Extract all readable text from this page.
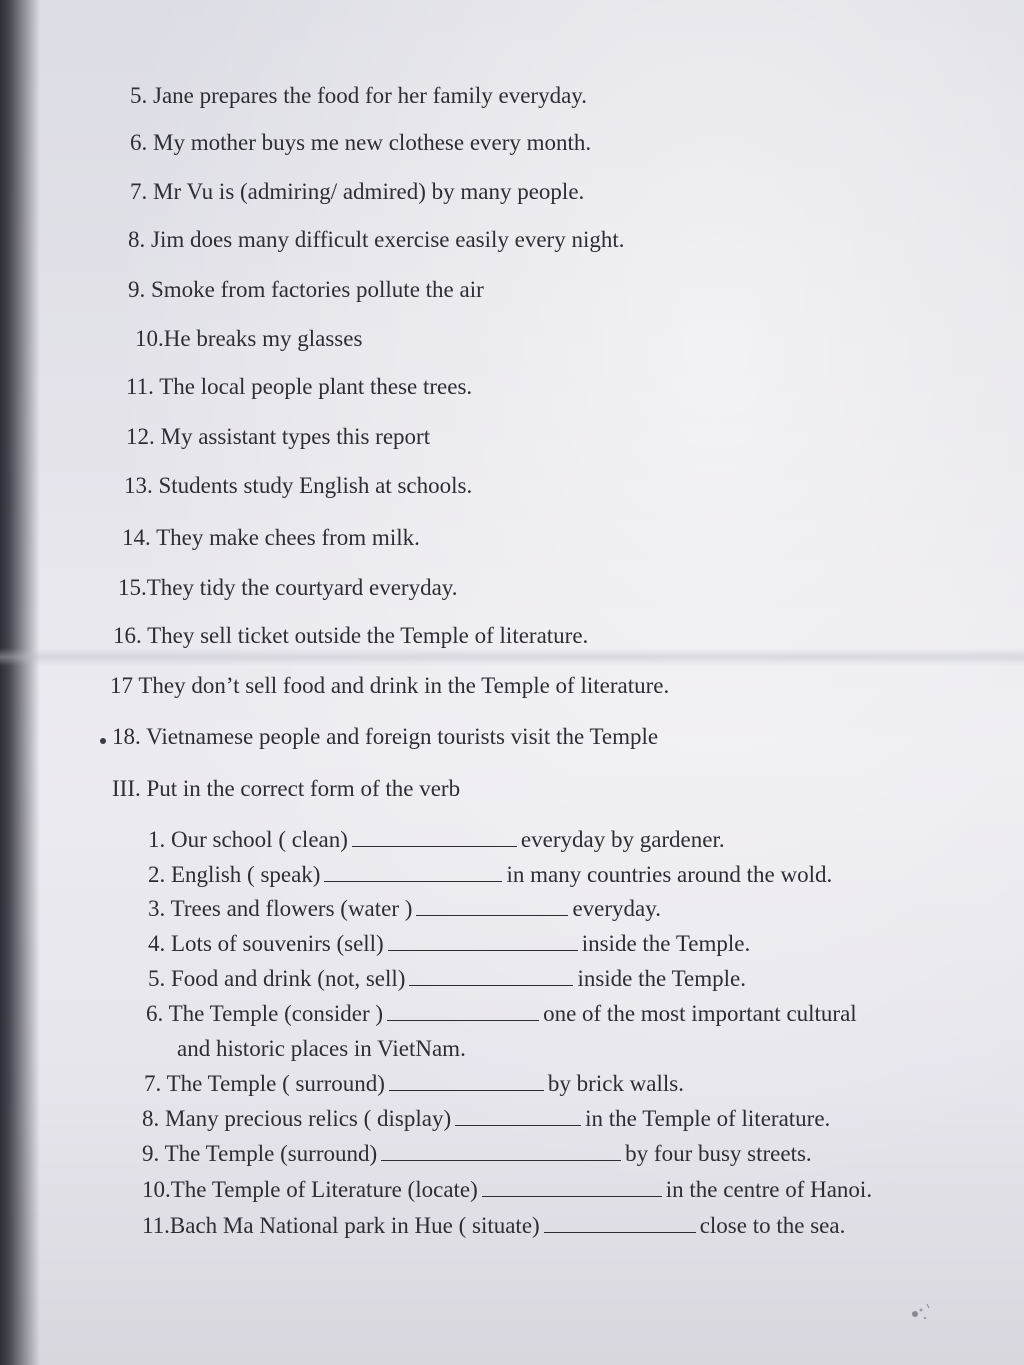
5. Jane prepares the food for her family everyday.
6. My mother buys me new clothese every month.
7. Mr Vu is (admiring/ admired) by many people.
8. Jim does many difficult exercise easily every night.
9. Smoke from factories pollute the air
10.He breaks my glasses
11. The local people plant these trees.
12. My assistant types this report
13. Students study English at schools.
14. They make chees from milk.
15.They tidy the courtyard everyday.
16. They sell ticket outside the Temple of literature.
17 They don’t sell food and drink in the Temple of literature.
18. Vietnamese people and foreign tourists visit the Temple
III. Put in the correct form of the verb
1. Our school ( clean)	everyday by gardener.
2. English ( speak)	in many countries around the wold.
3. Trees and flowers (water )	everyday.
4. Lots of souvenirs (sell)	inside the Temple.
5. Food and drink (not, sell)	inside the Temple.
6. The Temple (consider )	one of the most important cultural
and historic places in VietNam.
7. The Temple ( surround)	by brick walls.
8. Many precious relics ( display)	in the Temple of literature.
9. The Temple (surround)	by four busy streets.
10.The Temple of Literature (locate)	in the centre of Hanoi.
11.Bach Ma National park in Hue ( situate)	close to the sea.
